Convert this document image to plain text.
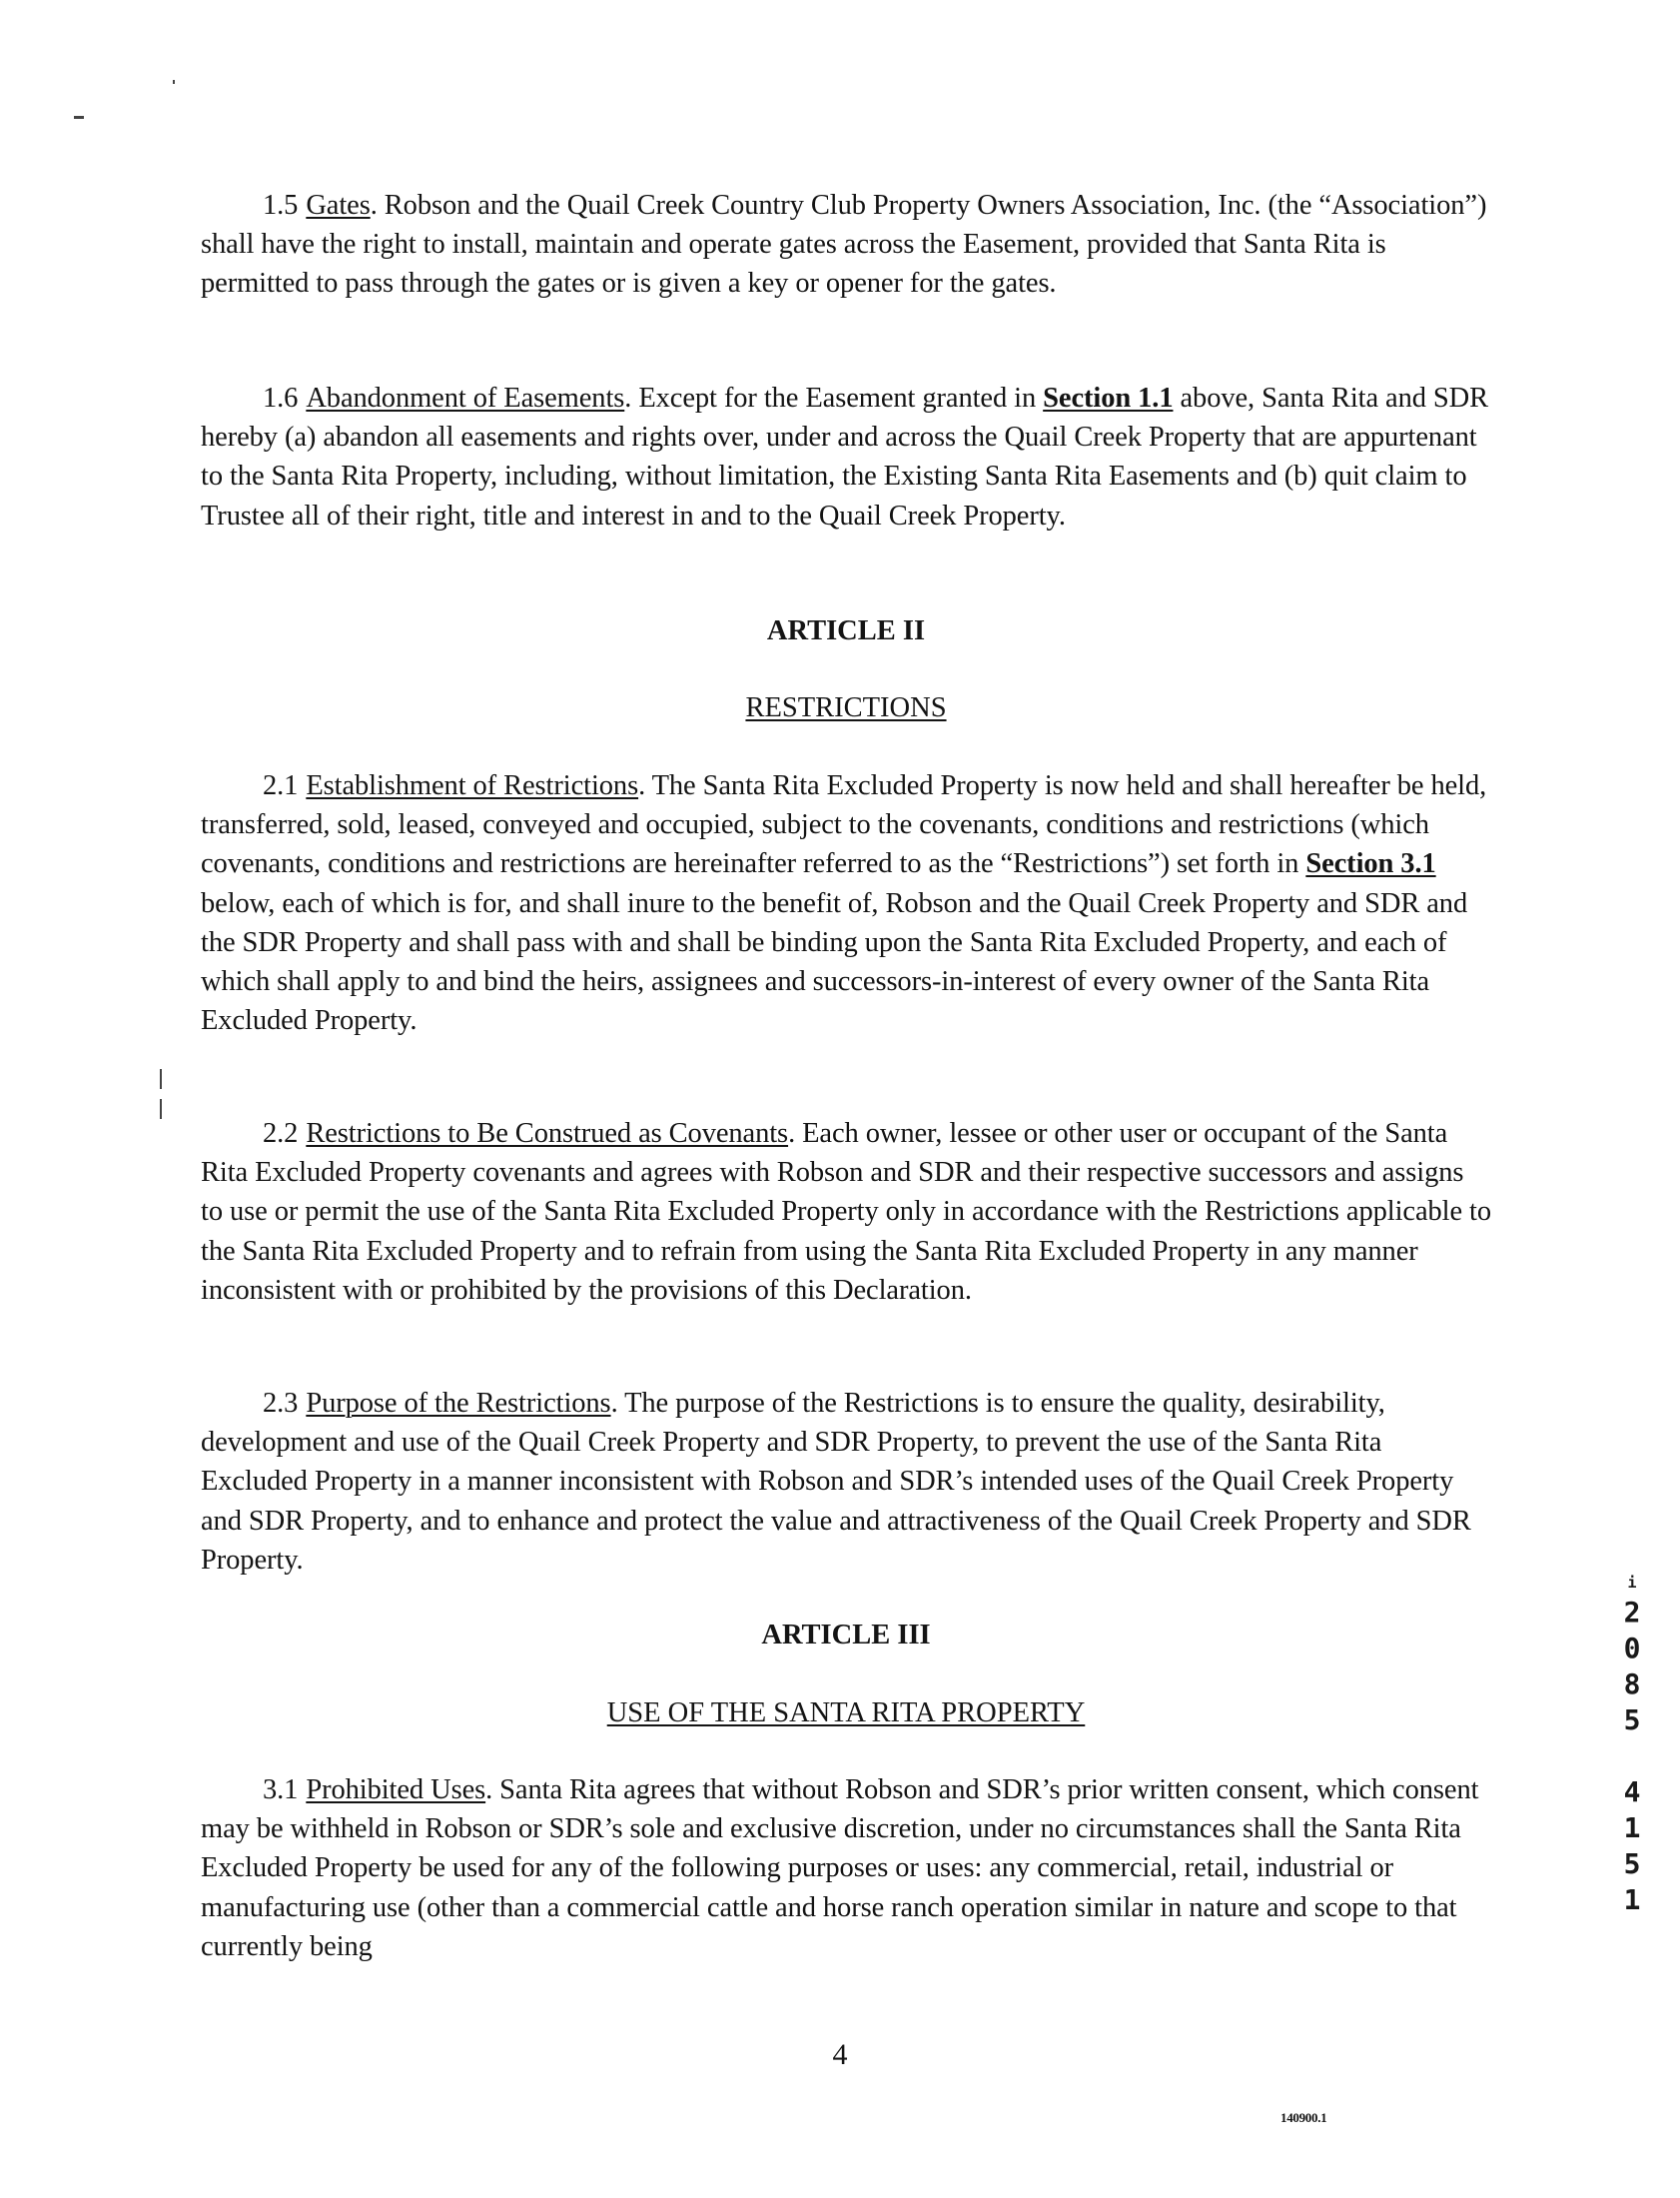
1.5 Gates. Robson and the Quail Creek Country Club Property Owners Association, Inc. (the “Association”) shall have the right to install, maintain and operate gates across the Easement, provided that Santa Rita is permitted to pass through the gates or is given a key or opener for the gates.

1.6 Abandonment of Easements. Except for the Easement granted in Section 1.1 above, Santa Rita and SDR hereby (a) abandon all easements and rights over, under and across the Quail Creek Property that are appurtenant to the Santa Rita Property, including, without limitation, the Existing Santa Rita Easements and (b) quit claim to Trustee all of their right, title and interest in and to the Quail Creek Property.

ARTICLE II

RESTRICTIONS

2.1 Establishment of Restrictions. The Santa Rita Excluded Property is now held and shall hereafter be held, transferred, sold, leased, conveyed and occupied, subject to the covenants, conditions and restrictions (which covenants, conditions and restrictions are hereinafter referred to as the “Restrictions”) set forth in Section 3.1 below, each of which is for, and shall inure to the benefit of, Robson and the Quail Creek Property and SDR and the SDR Property and shall pass with and shall be binding upon the Santa Rita Excluded Property, and each of which shall apply to and bind the heirs, assignees and successors-in-interest of every owner of the Santa Rita Excluded Property.

2.2 Restrictions to Be Construed as Covenants. Each owner, lessee or other user or occupant of the Santa Rita Excluded Property covenants and agrees with Robson and SDR and their respective successors and assigns to use or permit the use of the Santa Rita Excluded Property only in accordance with the Restrictions applicable to the Santa Rita Excluded Property and to refrain from using the Santa Rita Excluded Property in any manner inconsistent with or prohibited by the provisions of this Declaration.

2.3 Purpose of the Restrictions. The purpose of the Restrictions is to ensure the quality, desirability, development and use of the Quail Creek Property and SDR Property, to prevent the use of the Santa Rita Excluded Property in a manner inconsistent with Robson and SDR’s intended uses of the Quail Creek Property and SDR Property, and to enhance and protect the value and attractiveness of the Quail Creek Property and SDR Property.

ARTICLE III

USE OF THE SANTA RITA PROPERTY

3.1 Prohibited Uses. Santa Rita agrees that without Robson and SDR’s prior written consent, which consent may be withheld in Robson or SDR’s sole and exclusive discretion, under no circumstances shall the Santa Rita Excluded Property be used for any of the following purposes or uses: any commercial, retail, industrial or manufacturing use (other than a commercial cattle and horse ranch operation similar in nature and scope to that currently being

4
140900.1
i
2
0
8
5
4
1
5
1
